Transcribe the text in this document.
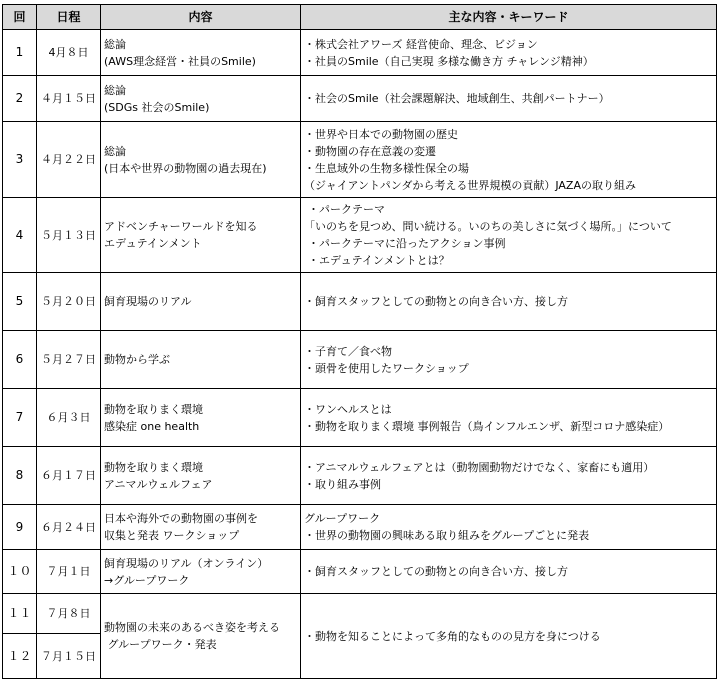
回	日程	内容	主な内容・キーワード
1	4月８日	総論
(AWS理念経営・社員のSmile)	・株式会社アワーズ 経営使命、理念、ビジョン
・社員のSmile（自己実現 多様な働き方 チャレンジ精神）

2	４月１５日	総論
(SDGs 社会のSmile)	・社会のSmile（社会課題解決、地域創生、共創パートナー）

3	４月２２日	総論
(日本や世界の動物園の過去現在)	・世界や日本での動物園の歴史
・動物園の存在意義の変遷
・生息域外の生物多様性保全の場
（ジャイアントパンダから考える世界規模の貢献）JAZAの取り組み

4	５月１３日	アドベンチャーワールドを知る
エデュテインメント	・パークテーマ
「いのちを見つめ、問い続ける。いのちの美しさに気づく場所。」について
・パークテーマに沿ったアクション事例
・エデュテインメントとは？

5	５月２０日	飼育現場のリアル	・飼育スタッフとしての動物との向き合い方、接し方

6	５月２７日	動物から学ぶ	・子育て／食べ物
・頭骨を使用したワークショップ

7	６月３日	動物を取りまく環境
感染症 one health	・ワンヘルスとは
・動物を取りまく環境 事例報告（鳥インフルエンザ、新型コロナ感染症）

8	６月１７日	動物を取りまく環境
アニマルウェルフェア	・アニマルウェルフェアとは（動物園動物だけでなく、家畜にも適用）
・取り組み事例

9	６月２４日	日本や海外での動物園の事例を
収集と発表 ワークショップ	グループワーク
・世界の動物園の興味ある取り組みをグループごとに発表

１０	７月１日	飼育現場のリアル（オンライン）
→グループワーク	・飼育スタッフとしての動物との向き合い方、接し方

１１	７月８日	動物園の未来のあるべき姿を考える
グループワーク・発表	・動物を知ることによって多角的なものの見方を身につける

１２	７月１５日		
